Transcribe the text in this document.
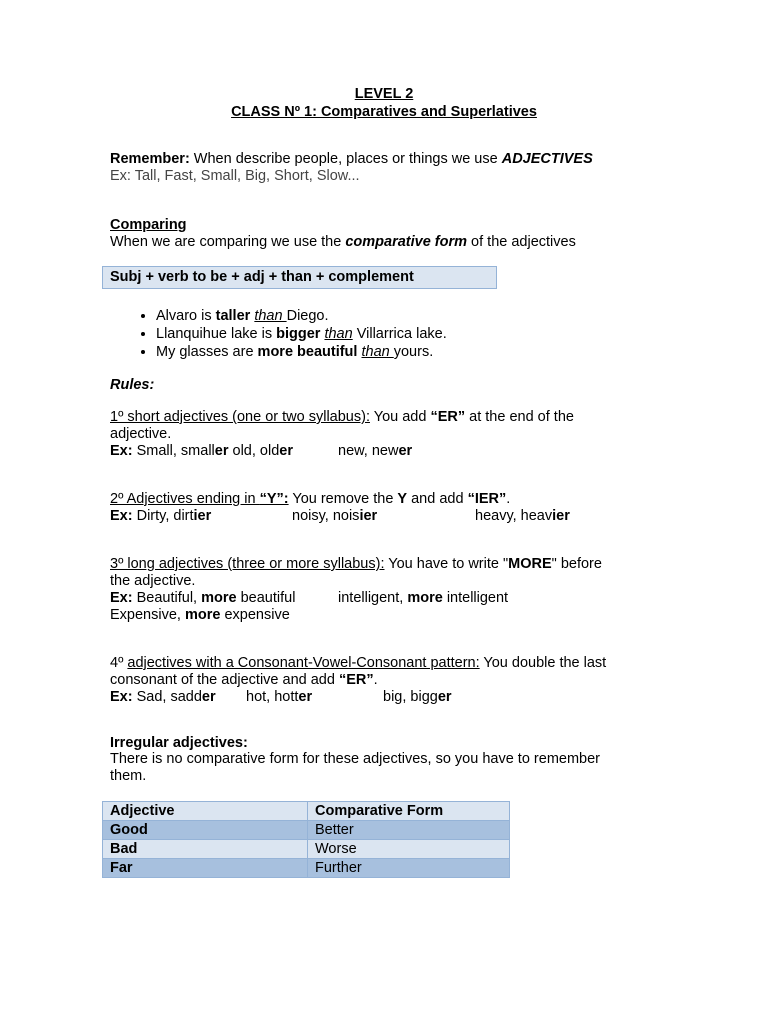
LEVEL 2
CLASS Nº 1: Comparatives and Superlatives
Remember: When describe people, places or things we use ADJECTIVES
Ex: Tall, Fast, Small, Big, Short, Slow...
Comparing
When we are comparing we use the comparative form of the adjectives
Subj + verb to be + adj + than + complement
• Alvaro is taller than Diego.
• Llanquihue lake is bigger than Villarrica lake.
• My glasses are more beautiful than yours.
Rules:
1º short adjectives (one or two syllabus): You add “ER” at the end of the
adjective.
Ex: Small, smaller old, older	new, newer
2º Adjectives ending in “Y”: You remove the Y and add “IER”.
Ex: Dirty, dirtier	noisy, noisier	heavy, heavier
3º long adjectives (three or more syllabus): You have to write "MORE" before
the adjective.
Ex: Beautiful, more beautiful	intelligent, more intelligent
Expensive, more expensive
4º adjectives with a Consonant-Vowel-Consonant pattern: You double the last
consonant of the adjective and add “ER”.
Ex: Sad, sadder hot, hotter	big, bigger
Irregular adjectives:
There is no comparative form for these adjectives, so you have to remember
them.
Adjective	Comparative Form
Good	Better
Bad	Worse
Far	Further
